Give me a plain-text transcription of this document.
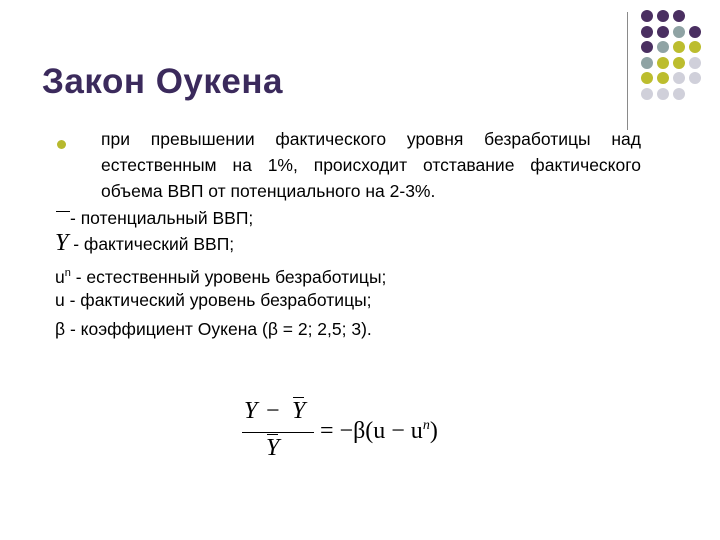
Закон Оукена
при превышении фактического уровня безработицы над естественным на 1%, происходит отставание фактического объема ВВП от потенциального на 2-3%.
- потенциальный ВВП;
Y - фактический ВВП;
$u^n$ - естественный уровень безработицы;
u - фактический уровень безработицы;
β - коэффициент Оукена (β = 2; 2,5; 3).
Y − Y
Y
= $-\beta(u - u^n)$
